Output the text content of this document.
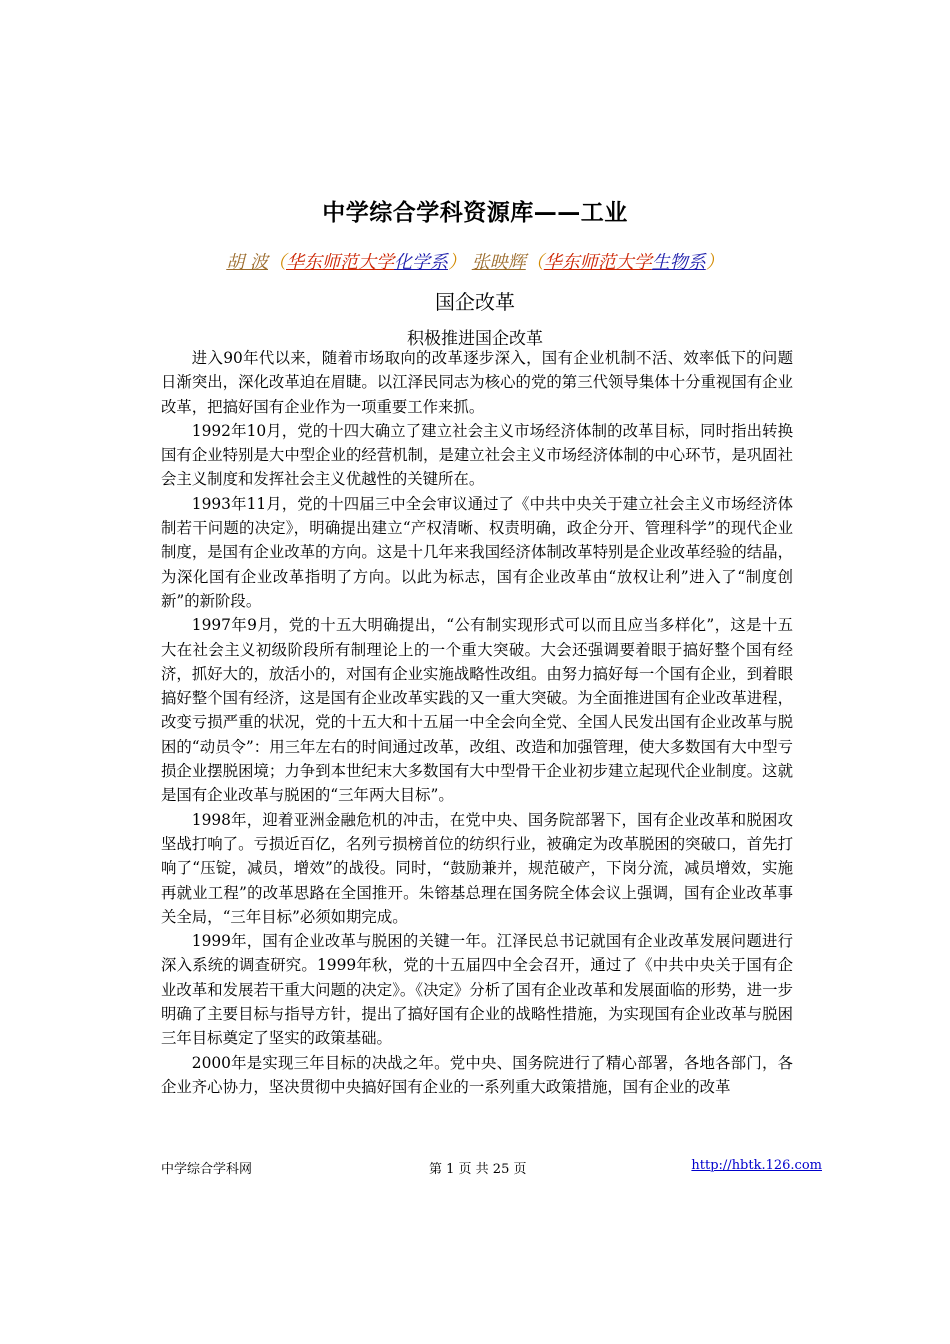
中学综合学科资源库——工业
胡 波（华东师范大学化学系） 张映辉（华东师范大学生物系）
国企改革
积极推进国企改革

进入90年代以来，随着市场取向的改革逐步深入，国有企业机制不活、效率低下的问题日渐突出，深化改革迫在眉睫。以江泽民同志为核心的党的第三代领导集体十分重视国有企业改革，把搞好国有企业作为一项重要工作来抓。

1992年10月，党的十四大确立了建立社会主义市场经济体制的改革目标，同时指出转换国有企业特别是大中型企业的经营机制，是建立社会主义市场经济体制的中心环节，是巩固社会主义制度和发挥社会主义优越性的关键所在。

1993年11月，党的十四届三中全会审议通过了《中共中央关于建立社会主义市场经济体制若干问题的决定》，明确提出建立“产权清晰、权责明确，政企分开、管理科学”的现代企业制度，是国有企业改革的方向。这是十几年来我国经济体制改革特别是企业改革经验的结晶，为深化国有企业改革指明了方向。以此为标志，国有企业改革由“放权让利”进入了“制度创新”的新阶段。

1997年9月，党的十五大明确提出，“公有制实现形式可以而且应当多样化”，这是十五大在社会主义初级阶段所有制理论上的一个重大突破。大会还强调要着眼于搞好整个国有经济，抓好大的，放活小的，对国有企业实施战略性改组。由努力搞好每一个国有企业，到着眼搞好整个国有经济，这是国有企业改革实践的又一重大突破。为全面推进国有企业改革进程，改变亏损严重的状况，党的十五大和十五届一中全会向全党、全国人民发出国有企业改革与脱困的“动员令”：用三年左右的时间通过改革，改组、改造和加强管理，使大多数国有大中型亏损企业摆脱困境；力争到本世纪末大多数国有大中型骨干企业初步建立起现代企业制度。这就是国有企业改革与脱困的“三年两大目标”。

1998年，迎着亚洲金融危机的冲击，在党中央、国务院部署下，国有企业改革和脱困攻坚战打响了。亏损近百亿，名列亏损榜首位的纺织行业，被确定为改革脱困的突破口，首先打响了“压锭，减员，增效”的战役。同时，“鼓励兼并，规范破产，下岗分流，减员增效，实施再就业工程”的改革思路在全国推开。朱镕基总理在国务院全体会议上强调，国有企业改革事关全局，“三年目标”必须如期完成。

1999年，国有企业改革与脱困的关键一年。江泽民总书记就国有企业改革发展问题进行深入系统的调查研究。1999年秋，党的十五届四中全会召开，通过了《中共中央关于国有企业改革和发展若干重大问题的决定》。《决定》分析了国有企业改革和发展面临的形势，进一步明确了主要目标与指导方针，提出了搞好国有企业的战略性措施，为实现国有企业改革与脱困三年目标奠定了坚实的政策基础。

2000年是实现三年目标的决战之年。党中央、国务院进行了精心部署，各地各部门，各企业齐心协力，坚决贯彻中央搞好国有企业的一系列重大政策措施，国有企业的改革

中学综合学科网	第 1 页 共 25 页	http://hbtk.126.com
